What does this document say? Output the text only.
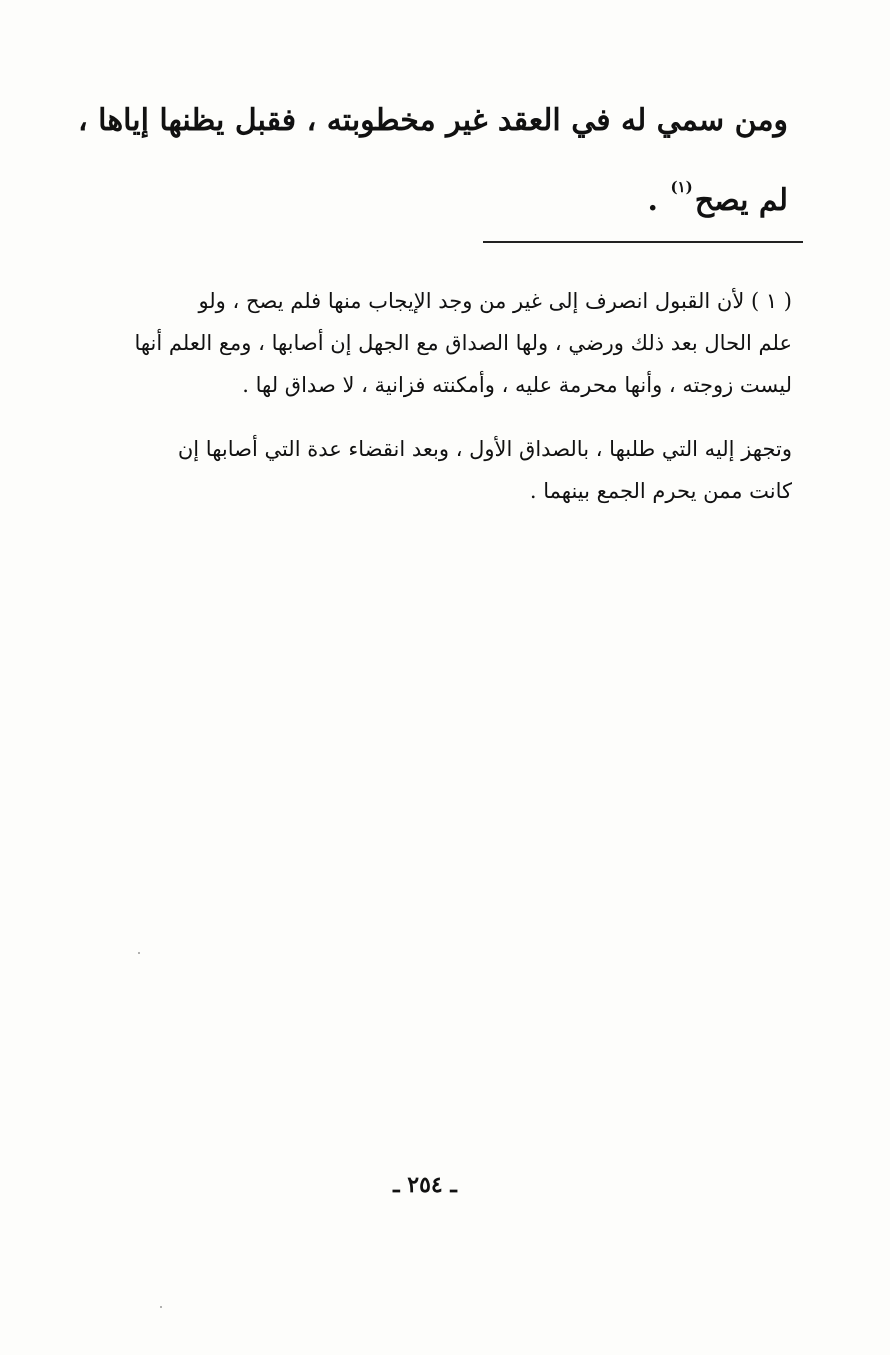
ومن سمي له في العقد غير مخطوبته ، فقبل يظنها إياها ،
لم يصح$^{(١)}$ .
( ١ ) لأن القبول انصرف إلى غير من وجد الإيجاب منها فلم يصح ، ولو
علم الحال بعد ذلك ورضي ، ولها الصداق مع الجهل إن أصابها ، ومع العلم أنها
ليست زوجته ، وأنها محرمة عليه ، وأمكنته فزانية ، لا صداق لها .
وتجهز إليه التي طلبها ، بالصداق الأول ، وبعد انقضاء عدة التي أصابها إن
كانت ممن يحرم الجمع بينهما .
ـ ٢٥٤ ـ
